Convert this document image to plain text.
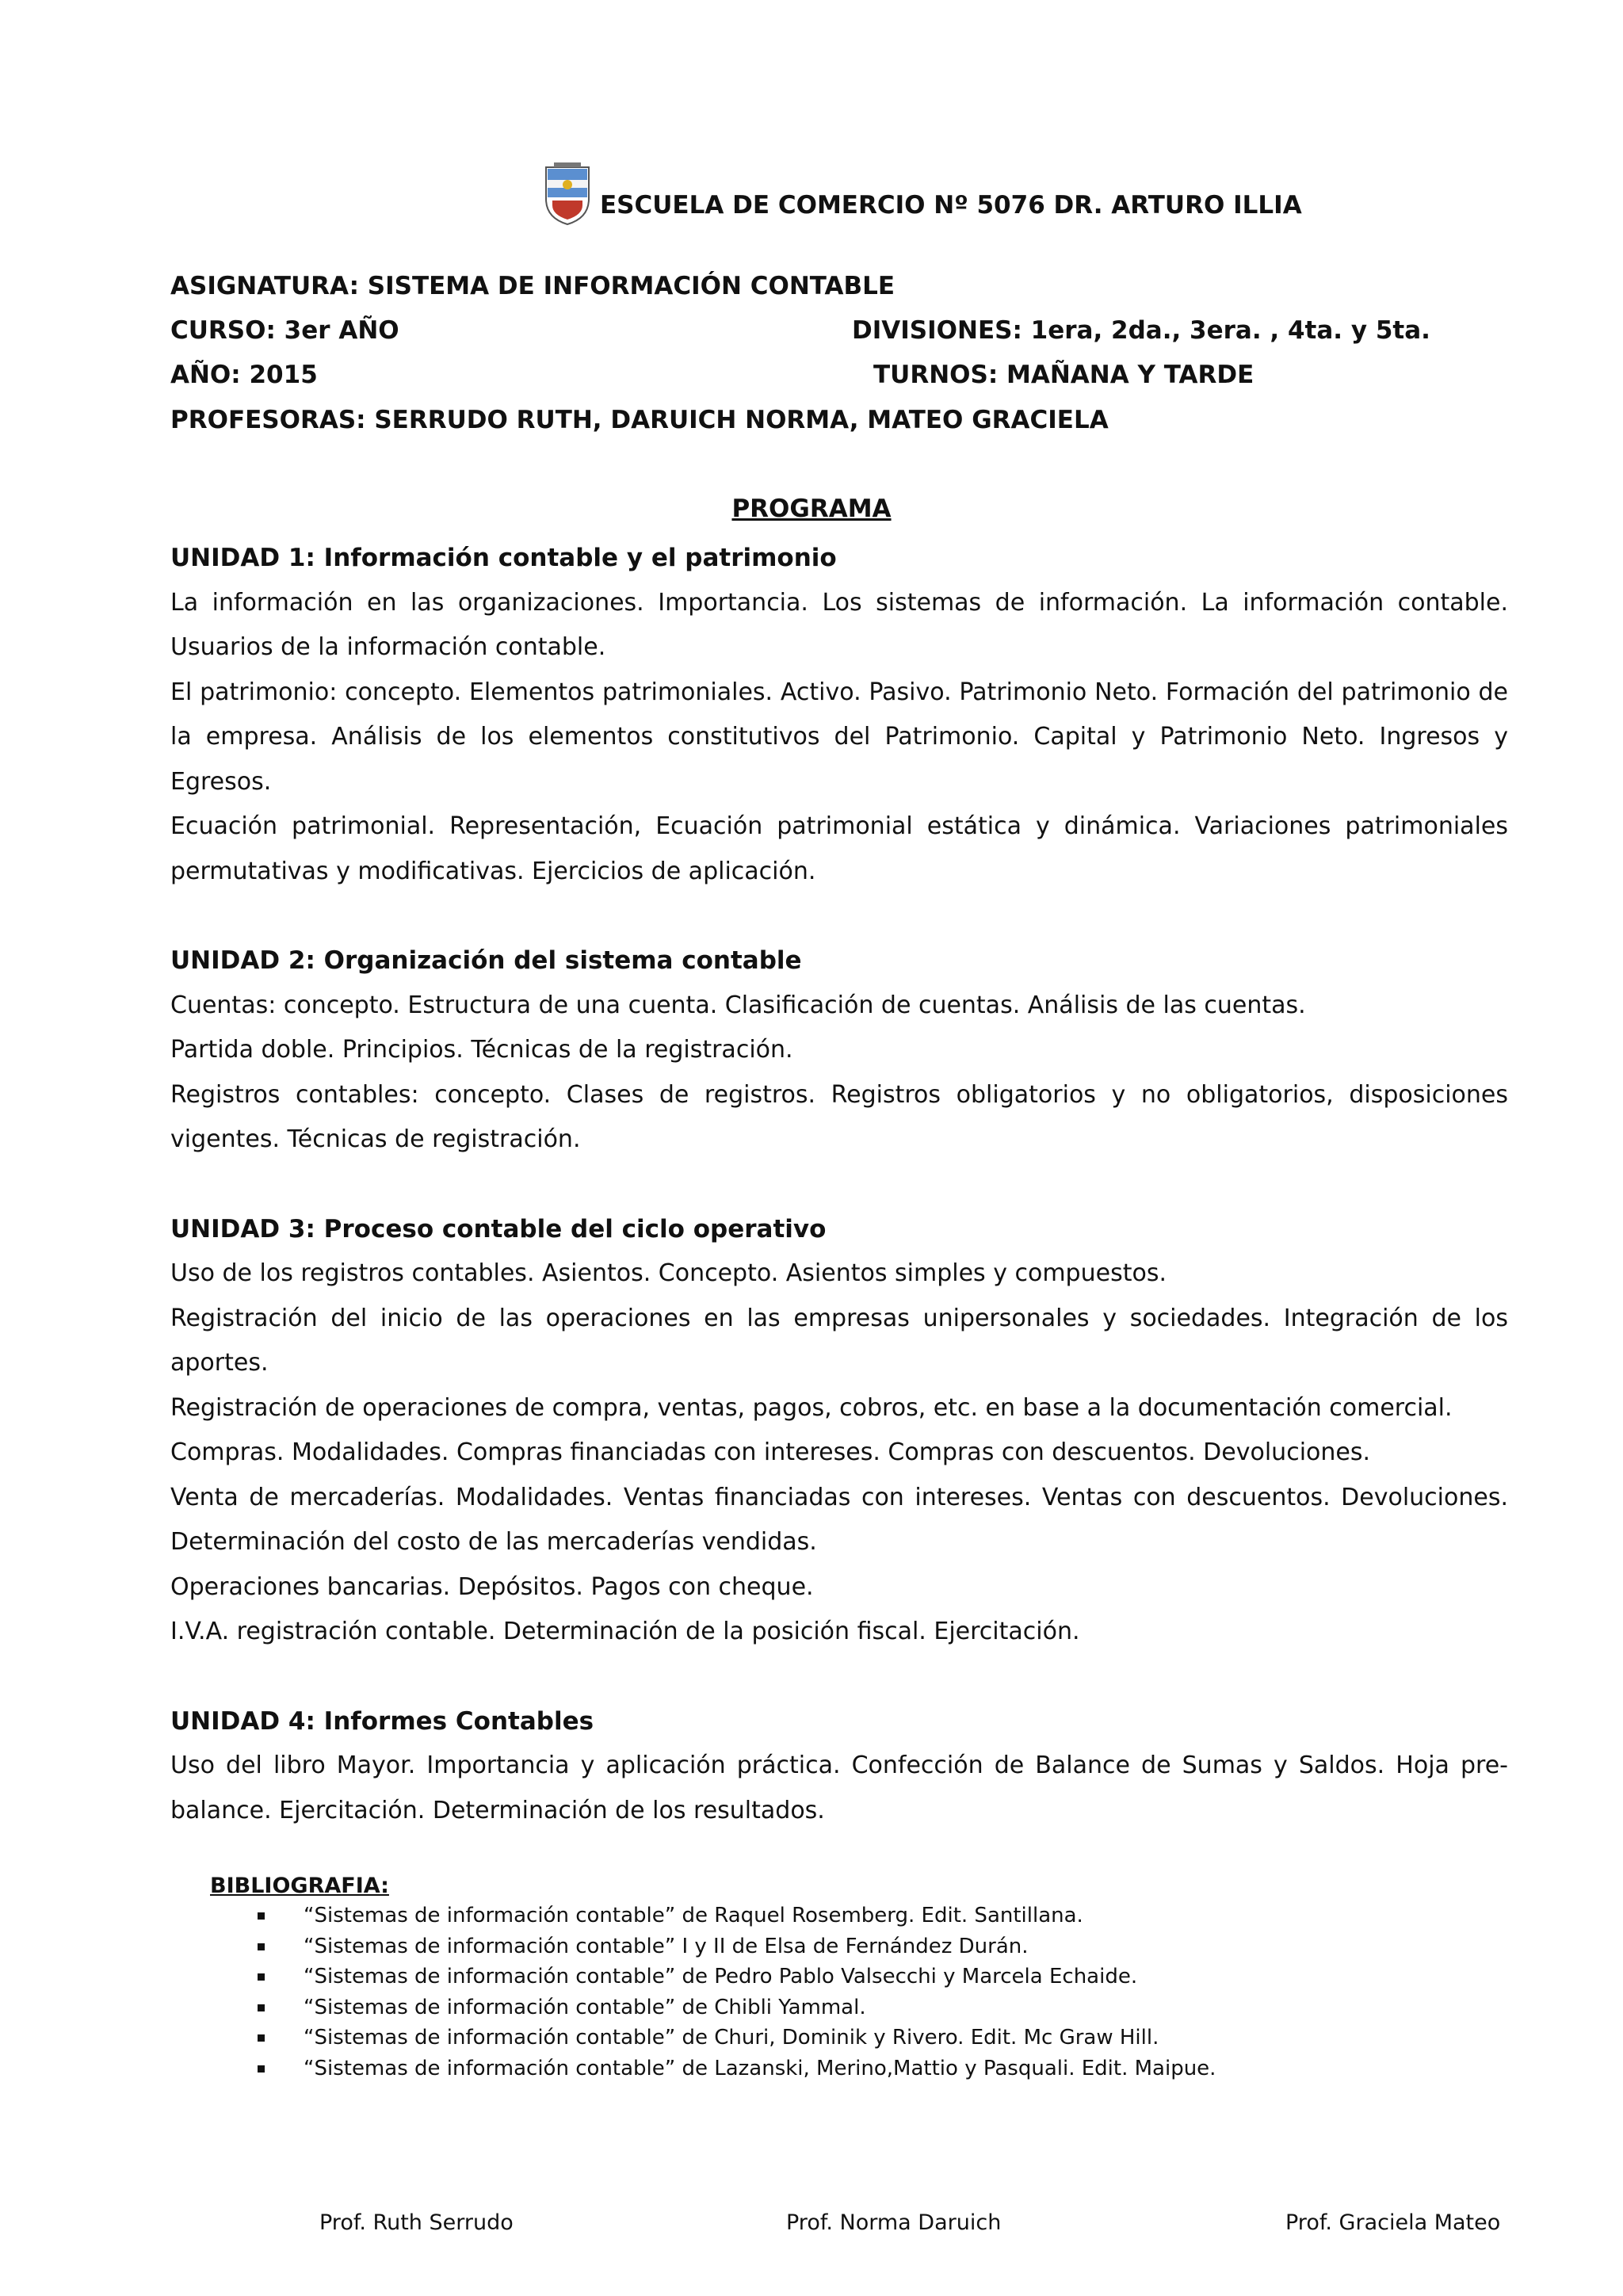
ESCUELA DE COMERCIO Nº 5076 DR. ARTURO ILLIA
ASIGNATURA: SISTEMA DE INFORMACIÓN CONTABLE
CURSO: 3er AÑO	DIVISIONES: 1era, 2da., 3era. , 4ta. y 5ta.
AÑO: 2015	TURNOS: MAÑANA Y TARDE
PROFESORAS: SERRUDO RUTH, DARUICH NORMA, MATEO GRACIELA
PROGRAMA
UNIDAD 1: Información contable y el patrimonio
La información en las organizaciones. Importancia. Los sistemas de información. La información contable. Usuarios de la información contable.
El patrimonio: concepto. Elementos patrimoniales. Activo. Pasivo. Patrimonio Neto. Formación del patrimonio de la empresa. Análisis de los elementos constitutivos del Patrimonio. Capital y Patrimonio Neto. Ingresos y Egresos.
Ecuación patrimonial. Representación, Ecuación patrimonial estática y dinámica. Variaciones patrimoniales permutativas y modificativas. Ejercicios de aplicación.
UNIDAD 2: Organización del sistema contable
Cuentas: concepto. Estructura de una cuenta. Clasificación de cuentas. Análisis de las cuentas.
Partida doble. Principios. Técnicas de la registración.
Registros contables: concepto. Clases de registros. Registros obligatorios y no obligatorios, disposiciones vigentes. Técnicas de registración.
UNIDAD 3: Proceso contable del ciclo operativo
Uso de los registros contables. Asientos. Concepto. Asientos simples y compuestos.
Registración del inicio de las operaciones en las empresas unipersonales y sociedades. Integración de los aportes.
Registración de operaciones de compra, ventas, pagos, cobros, etc. en base a la documentación comercial.
Compras. Modalidades. Compras financiadas con intereses. Compras con descuentos. Devoluciones.
Venta de mercaderías. Modalidades. Ventas financiadas con intereses. Ventas con descuentos. Devoluciones. Determinación del costo de las mercaderías vendidas.
Operaciones bancarias. Depósitos. Pagos con cheque.
I.V.A. registración contable. Determinación de la posición fiscal. Ejercitación.
UNIDAD 4: Informes Contables
Uso del libro Mayor. Importancia y aplicación práctica. Confección de Balance de Sumas y Saldos. Hoja pre-balance. Ejercitación. Determinación de los resultados.
BIBLIOGRAFIA:
“Sistemas de información contable” de Raquel Rosemberg. Edit. Santillana.
“Sistemas de información contable” I y II de Elsa de Fernández Durán.
“Sistemas de información contable” de Pedro Pablo Valsecchi y Marcela Echaide.
“Sistemas de información contable” de Chibli Yammal.
“Sistemas de información contable” de Churi, Dominik y Rivero. Edit. Mc Graw Hill.
“Sistemas de información contable” de Lazanski, Merino,Mattio y Pasquali. Edit. Maipue.
Prof. Ruth Serrudo	Prof. Norma Daruich	Prof. Graciela Mateo
